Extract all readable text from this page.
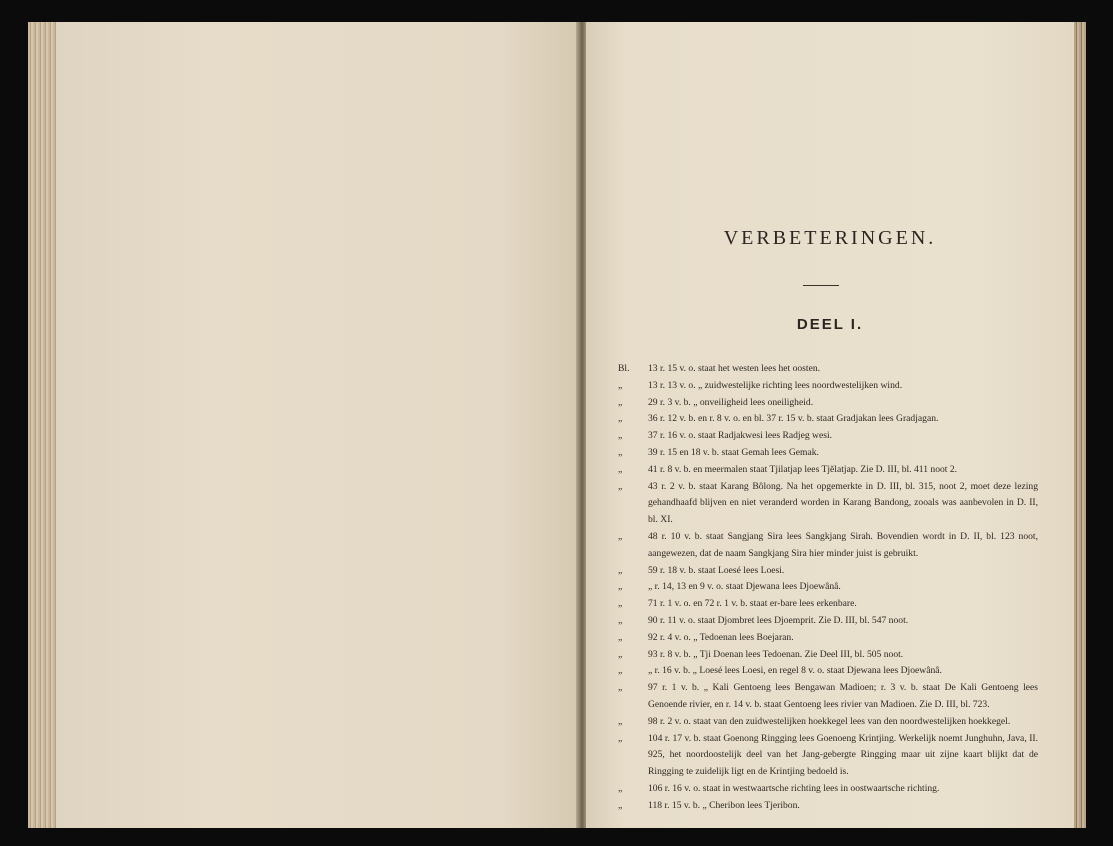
VERBETERINGEN.
DEEL I.
Bl.	13 r. 15 v. o. staat het westen lees het oosten.
„	13 r. 13 v. o. „ zuidwestelijke richting lees noordwestelijken wind.
„	29 r. 3 v. b. „ onveiligheid lees oneiligheid.
„	36 r. 12 v. b. en r. 8 v. o. en bl. 37 r. 15 v. b. staat Gradjakan lees Gradjagan.
„	37 r. 16 v. o. staat Radjakwesi lees Radjeg wesi.
„	39 r. 15 en 18 v. b. staat Gemah lees Gemak.
„	41 r. 8 v. b. en meermalen staat Tjilatjap lees Tjĕlatjap. Zie D. III, bl. 411 noot 2.
„	43 r. 2 v. b. staat Karang Bôlong. Na het opgemerkte in D. III, bl. 315, noot 2, moet deze lezing gehandhaafd blijven en niet veranderd worden in Karang Bandong, zooals was aanbevolen in D. II, bl. XI.
„	48 r. 10 v. b. staat Sangjang Sira lees Sangkjang Sirah. Bovendien wordt in D. II, bl. 123 noot, aangewezen, dat de naam Sangkjang Sira hier minder juist is gebruikt.
„	59 r. 18 v. b. staat Loesé lees Loesi.
„	„ r. 14, 13 en 9 v. o. staat Djewana lees Djoewânâ.
„	71 r. 1 v. o. en 72 r. 1 v. b. staat er-bare lees erkenbare.
„	90 r. 11 v. o. staat Djombret lees Djoemprit. Zie D. III, bl. 547 noot.
„	92 r. 4 v. o. „ Tedoenan lees Boejaran.
„	93 r. 8 v. b. „ Tji Doenan lees Tedoenan. Zie Deel III, bl. 505 noot.
„	„ r. 16 v. b. „ Loesé lees Loesi, en regel 8 v. o. staat Djewana lees Djoewânâ.
„	97 r. 1 v. b. „ Kali Gentoeng lees Bengawan Madioen; r. 3 v. b. staat De Kali Gentoeng lees Genoende rivier, en r. 14 v. b. staat Gentoeng lees rivier van Madioen. Zie D. III, bl. 723.
„	98 r. 2 v. o. staat van den zuidwestelijken hoekkegel lees van den noordwestelijken hoekkegel.
„	104 r. 17 v. b. staat Goenong Ringging lees Goenoeng Krintjing. Werkelijk noemt Junghuhn, Java, II. 925, het noordoostelijk deel van het Jang-gebergte Ringging maar uit zijne kaart blijkt dat de Ringging te zuidelijk ligt en de Krintjing bedoeld is.
„	106 r. 16 v. o. staat in westwaartsche richting lees in oostwaartsche richting.
„	118 r. 15 v. b. „ Cheribon lees Tjeribon.
